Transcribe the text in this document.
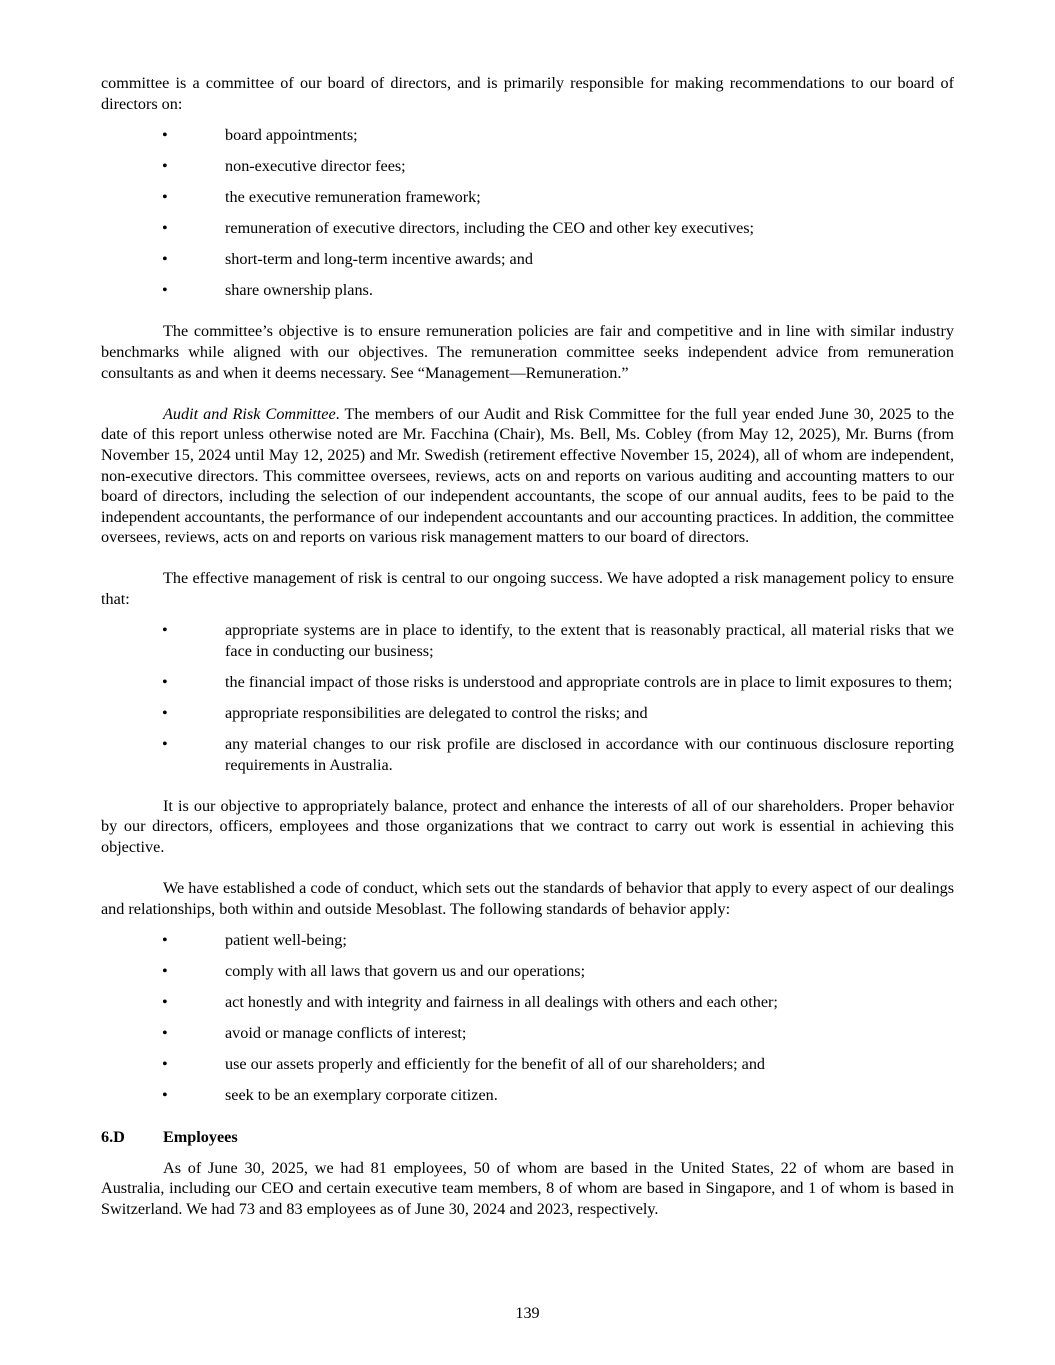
committee is a committee of our board of directors, and is primarily responsible for making recommendations to our board of directors on:

•	board appointments;
•	non-executive director fees;
•	the executive remuneration framework;
•	remuneration of executive directors, including the CEO and other key executives;
•	short-term and long-term incentive awards; and
•	share ownership plans.

The committee’s objective is to ensure remuneration policies are fair and competitive and in line with similar industry benchmarks while aligned with our objectives. The remuneration committee seeks independent advice from remuneration consultants as and when it deems necessary. See “Management—Remuneration.”

Audit and Risk Committee. The members of our Audit and Risk Committee for the full year ended June 30, 2025 to the date of this report unless otherwise noted are Mr. Facchina (Chair), Ms. Bell, Ms. Cobley (from May 12, 2025), Mr. Burns (from November 15, 2024 until May 12, 2025) and Mr. Swedish (retirement effective November 15, 2024), all of whom are independent, non-executive directors. This committee oversees, reviews, acts on and reports on various auditing and accounting matters to our board of directors, including the selection of our independent accountants, the scope of our annual audits, fees to be paid to the independent accountants, the performance of our independent accountants and our accounting practices. In addition, the committee oversees, reviews, acts on and reports on various risk management matters to our board of directors.

The effective management of risk is central to our ongoing success. We have adopted a risk management policy to ensure that:

•	appropriate systems are in place to identify, to the extent that is reasonably practical, all material risks that we face in conducting our business;
•	the financial impact of those risks is understood and appropriate controls are in place to limit exposures to them;
•	appropriate responsibilities are delegated to control the risks; and
•	any material changes to our risk profile are disclosed in accordance with our continuous disclosure reporting requirements in Australia.

It is our objective to appropriately balance, protect and enhance the interests of all of our shareholders. Proper behavior by our directors, officers, employees and those organizations that we contract to carry out work is essential in achieving this objective.

We have established a code of conduct, which sets out the standards of behavior that apply to every aspect of our dealings and relationships, both within and outside Mesoblast. The following standards of behavior apply:

•	patient well-being;
•	comply with all laws that govern us and our operations;
•	act honestly and with integrity and fairness in all dealings with others and each other;
•	avoid or manage conflicts of interest;
•	use our assets properly and efficiently for the benefit of all of our shareholders; and
•	seek to be an exemplary corporate citizen.
6.D Employees

As of June 30, 2025, we had 81 employees, 50 of whom are based in the United States, 22 of whom are based in Australia, including our CEO and certain executive team members, 8 of whom are based in Singapore, and 1 of whom is based in Switzerland. We had 73 and 83 employees as of June 30, 2024 and 2023, respectively.

139
